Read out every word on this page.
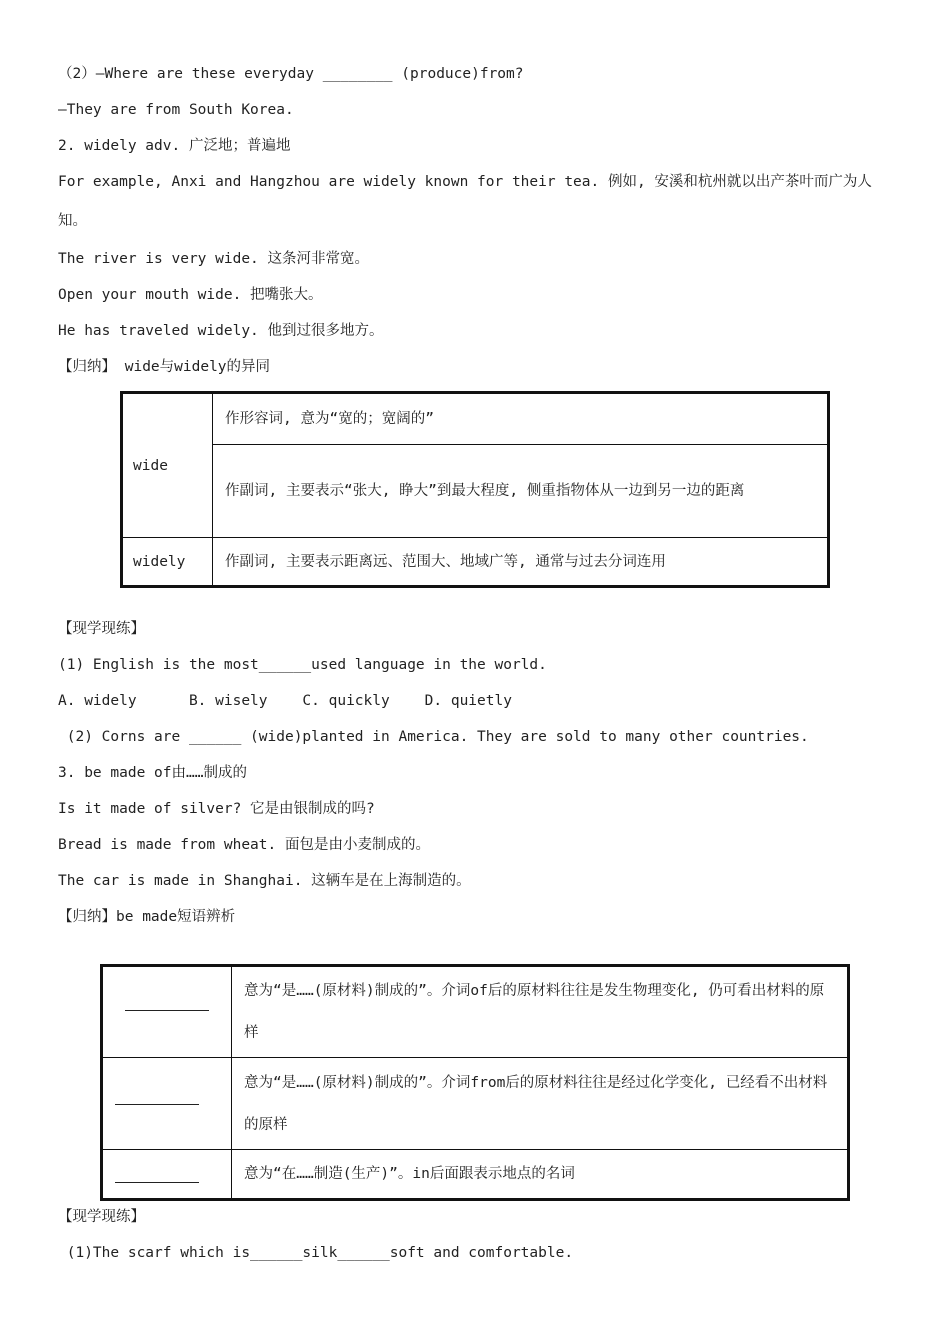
（2）—Where are these everyday ________ (produce)from?
—They are from South Korea.
2. widely adv. 广泛地；普遍地
For example, Anxi and Hangzhou are widely known for their tea. 例如, 安溪和杭州就以出产茶叶而广为人
知。
The river is very wide. 这条河非常宽。
Open your mouth wide. 把嘴张大。
He has traveled widely. 他到过很多地方。
【归纳】 wide与widely的异同
wide	作形容词, 意为“宽的；宽阔的”
	作副词, 主要表示“张大, 睁大”到最大程度, 侧重指物体从一边到另一边的距离
widely	作副词, 主要表示距离远、范围大、地域广等, 通常与过去分词连用
【现学现练】
(1) English is the most______used language in the world.
A. widely      B. wisely    C. quickly    D. quietly
(2) Corns are ______ (wide)planted in America. They are sold to many other countries.
3. be made of由……制成的
Is it made of silver? 它是由银制成的吗?
Bread is made from wheat. 面包是由小麦制成的。
The car is made in Shanghai. 这辆车是在上海制造的。
【归纳】be made短语辨析
	意为“是……(原材料)制成的”。介词of后的原材料往往是发生物理变化, 仍可看出材料的原样
	意为“是……(原材料)制成的”。介词from后的原材料往往是经过化学变化, 已经看不出材料的原样
	意为“在……制造(生产)”。in后面跟表示地点的名词
【现学现练】
(1)The scarf which is______silk______soft and comfortable.
